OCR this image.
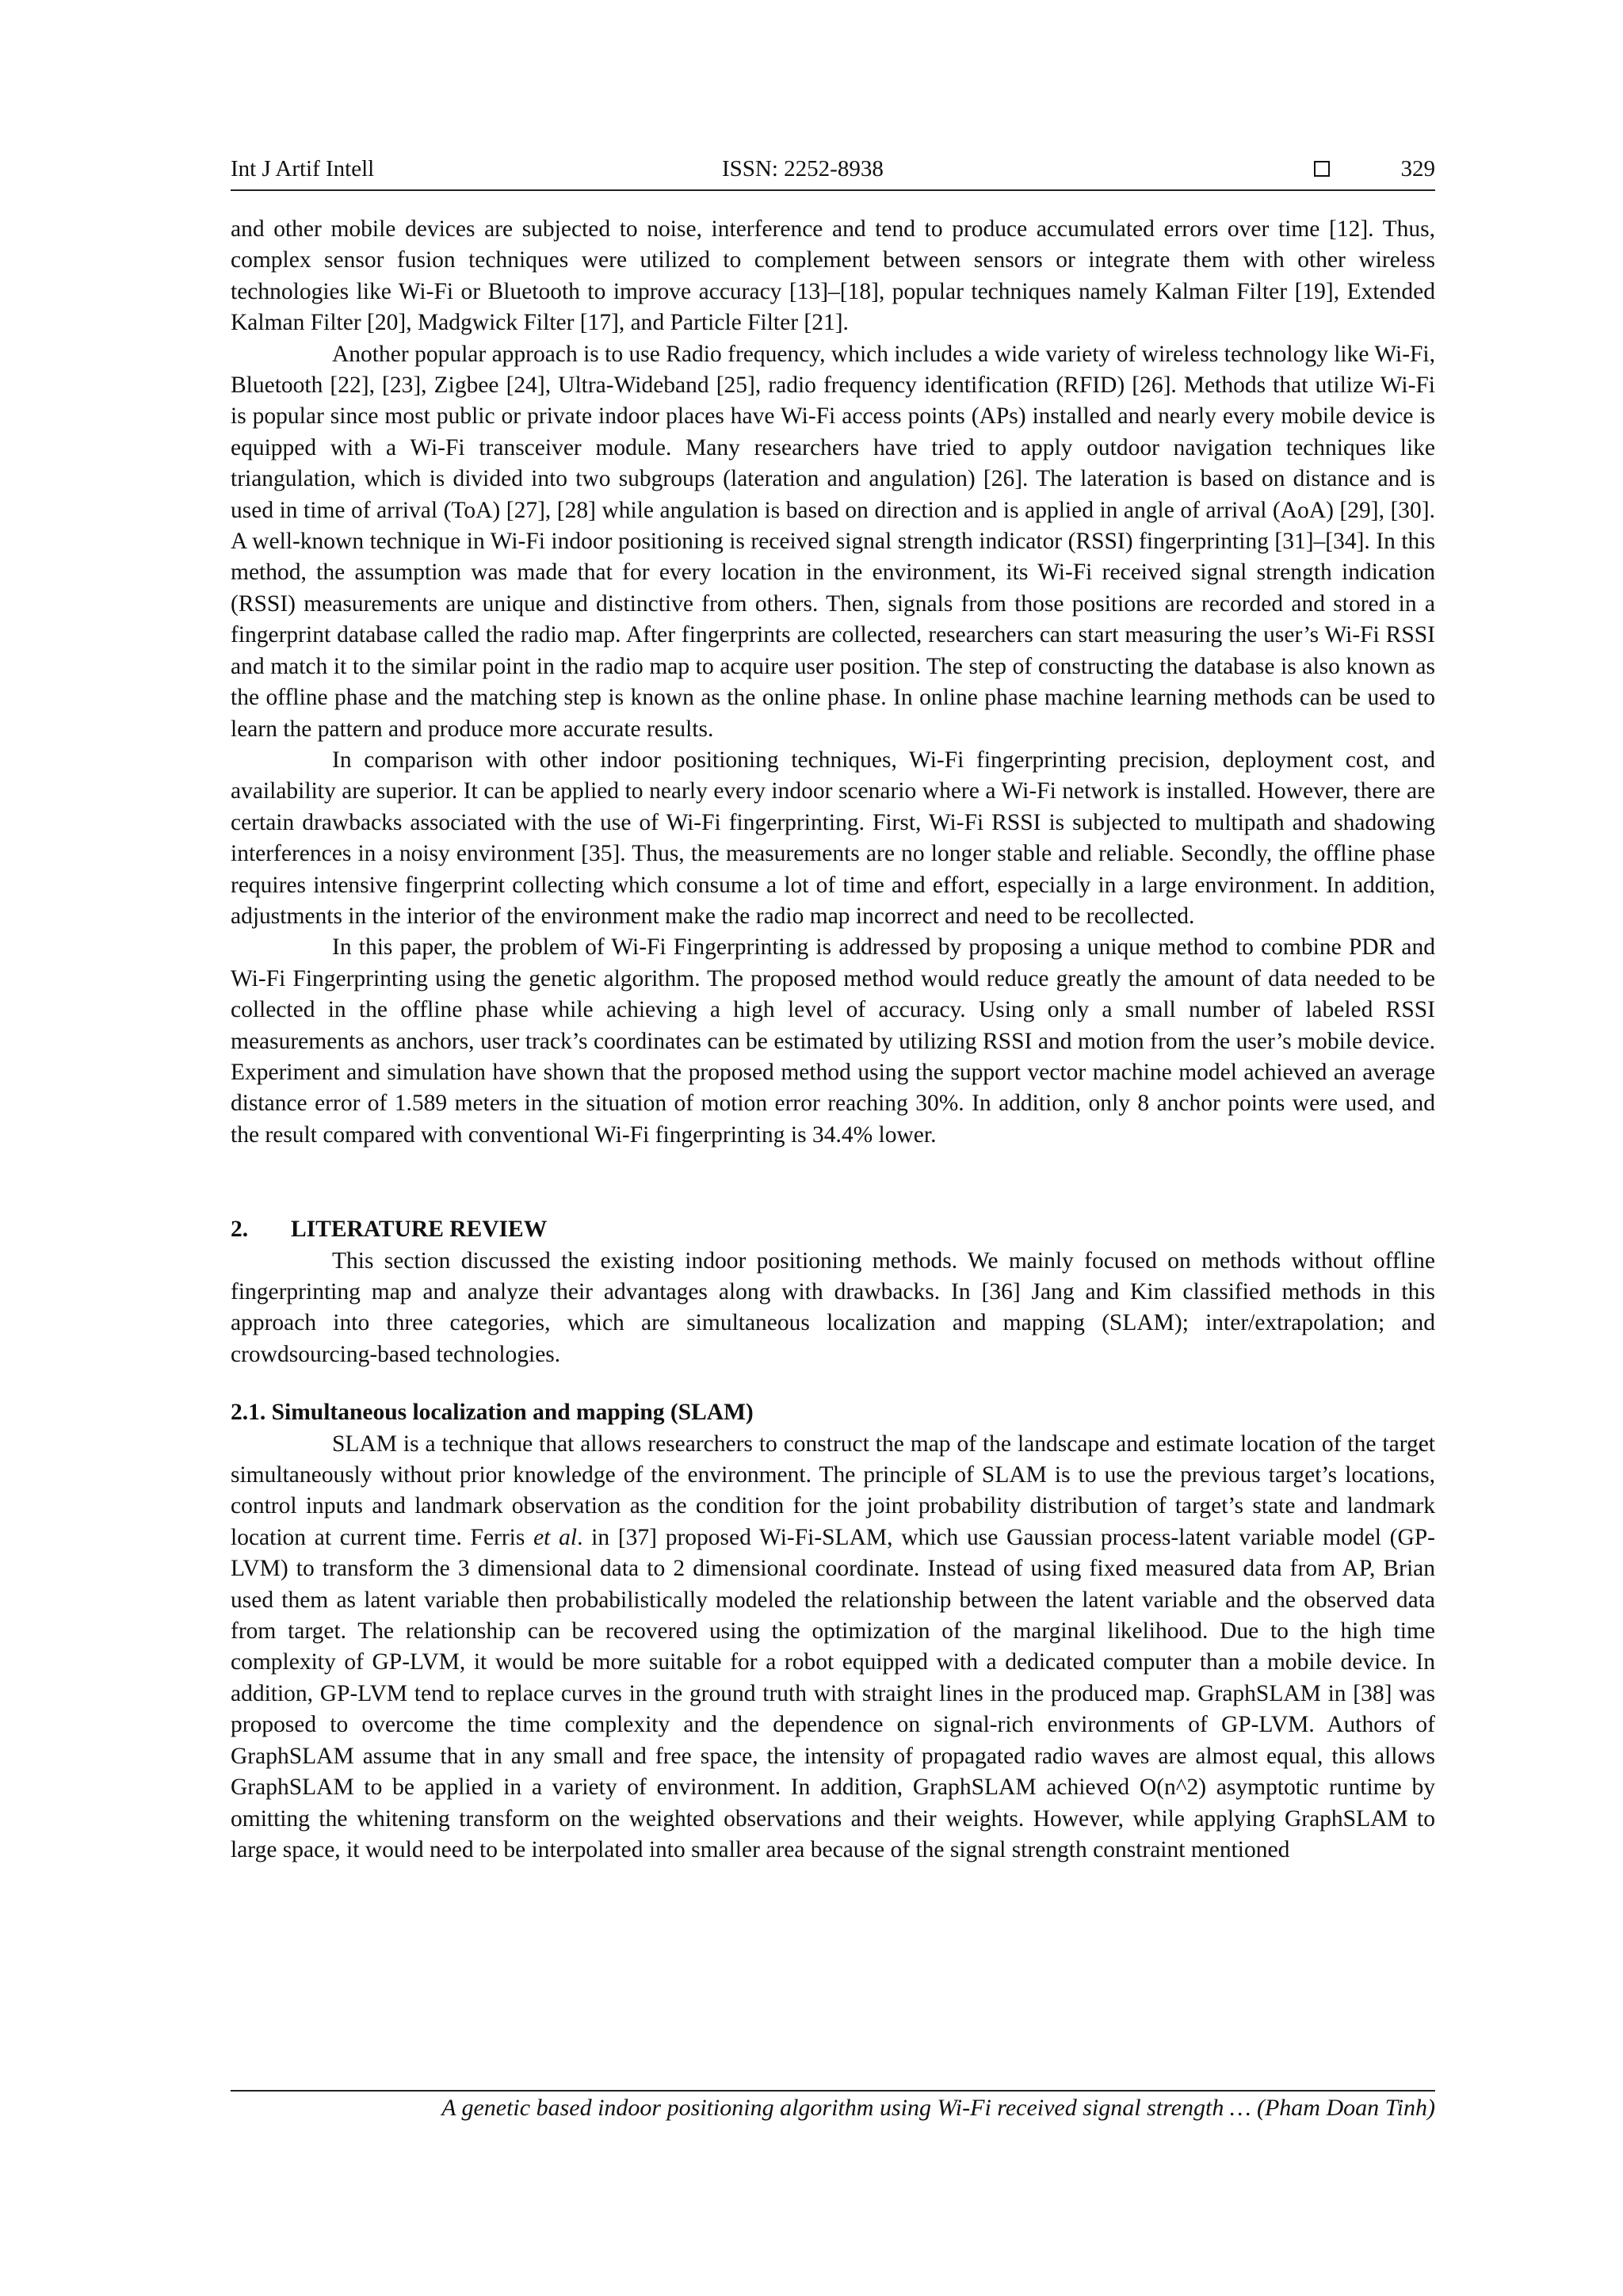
Int J Artif Intell	ISSN: 2252-8938	329

and other mobile devices are subjected to noise, interference and tend to produce accumulated errors over time [12]. Thus, complex sensor fusion techniques were utilized to complement between sensors or integrate them with other wireless technologies like Wi-Fi or Bluetooth to improve accuracy [13]–[18], popular techniques namely Kalman Filter [19], Extended Kalman Filter [20], Madgwick Filter [17], and Particle Filter [21].

Another popular approach is to use Radio frequency, which includes a wide variety of wireless technology like Wi-Fi, Bluetooth [22], [23], Zigbee [24], Ultra-Wideband [25], radio frequency identification (RFID) [26]. Methods that utilize Wi-Fi is popular since most public or private indoor places have Wi-Fi access points (APs) installed and nearly every mobile device is equipped with a Wi-Fi transceiver module. Many researchers have tried to apply outdoor navigation techniques like triangulation, which is divided into two subgroups (lateration and angulation) [26]. The lateration is based on distance and is used in time of arrival (ToA) [27], [28] while angulation is based on direction and is applied in angle of arrival (AoA) [29], [30]. A well-known technique in Wi-Fi indoor positioning is received signal strength indicator (RSSI) fingerprinting [31]–[34]. In this method, the assumption was made that for every location in the environment, its Wi-Fi received signal strength indication (RSSI) measurements are unique and distinctive from others. Then, signals from those positions are recorded and stored in a fingerprint database called the radio map. After fingerprints are collected, researchers can start measuring the user’s Wi-Fi RSSI and match it to the similar point in the radio map to acquire user position. The step of constructing the database is also known as the offline phase and the matching step is known as the online phase. In online phase machine learning methods can be used to learn the pattern and produce more accurate results.

In comparison with other indoor positioning techniques, Wi-Fi fingerprinting precision, deployment cost, and availability are superior. It can be applied to nearly every indoor scenario where a Wi-Fi network is installed. However, there are certain drawbacks associated with the use of Wi-Fi fingerprinting. First, Wi-Fi RSSI is subjected to multipath and shadowing interferences in a noisy environment [35]. Thus, the measurements are no longer stable and reliable. Secondly, the offline phase requires intensive fingerprint collecting which consume a lot of time and effort, especially in a large environment. In addition, adjustments in the interior of the environment make the radio map incorrect and need to be recollected.

In this paper, the problem of Wi-Fi Fingerprinting is addressed by proposing a unique method to combine PDR and Wi-Fi Fingerprinting using the genetic algorithm. The proposed method would reduce greatly the amount of data needed to be collected in the offline phase while achieving a high level of accuracy. Using only a small number of labeled RSSI measurements as anchors, user track’s coordinates can be estimated by utilizing RSSI and motion from the user’s mobile device. Experiment and simulation have shown that the proposed method using the support vector machine model achieved an average distance error of 1.589 meters in the situation of motion error reaching 30%. In addition, only 8 anchor points were used, and the result compared with conventional Wi-Fi fingerprinting is 34.4% lower.

2. LITERATURE REVIEW

This section discussed the existing indoor positioning methods. We mainly focused on methods without offline fingerprinting map and analyze their advantages along with drawbacks. In [36] Jang and Kim classified methods in this approach into three categories, which are simultaneous localization and mapping (SLAM); inter/extrapolation; and crowdsourcing-based technologies.

2.1. Simultaneous localization and mapping (SLAM)

SLAM is a technique that allows researchers to construct the map of the landscape and estimate location of the target simultaneously without prior knowledge of the environment. The principle of SLAM is to use the previous target’s locations, control inputs and landmark observation as the condition for the joint probability distribution of target’s state and landmark location at current time. Ferris et al. in [37] proposed Wi-Fi-SLAM, which use Gaussian process-latent variable model (GP-LVM) to transform the 3 dimensional data to 2 dimensional coordinate. Instead of using fixed measured data from AP, Brian used them as latent variable then probabilistically modeled the relationship between the latent variable and the observed data from target. The relationship can be recovered using the optimization of the marginal likelihood. Due to the high time complexity of GP-LVM, it would be more suitable for a robot equipped with a dedicated computer than a mobile device. In addition, GP-LVM tend to replace curves in the ground truth with straight lines in the produced map. GraphSLAM in [38] was proposed to overcome the time complexity and the dependence on signal-rich environments of GP-LVM. Authors of GraphSLAM assume that in any small and free space, the intensity of propagated radio waves are almost equal, this allows GraphSLAM to be applied in a variety of environment. In addition, GraphSLAM achieved O(n^2) asymptotic runtime by omitting the whitening transform on the weighted observations and their weights. However, while applying GraphSLAM to large space, it would need to be interpolated into smaller area because of the signal strength constraint mentioned

A genetic based indoor positioning algorithm using Wi-Fi received signal strength … (Pham Doan Tinh)
